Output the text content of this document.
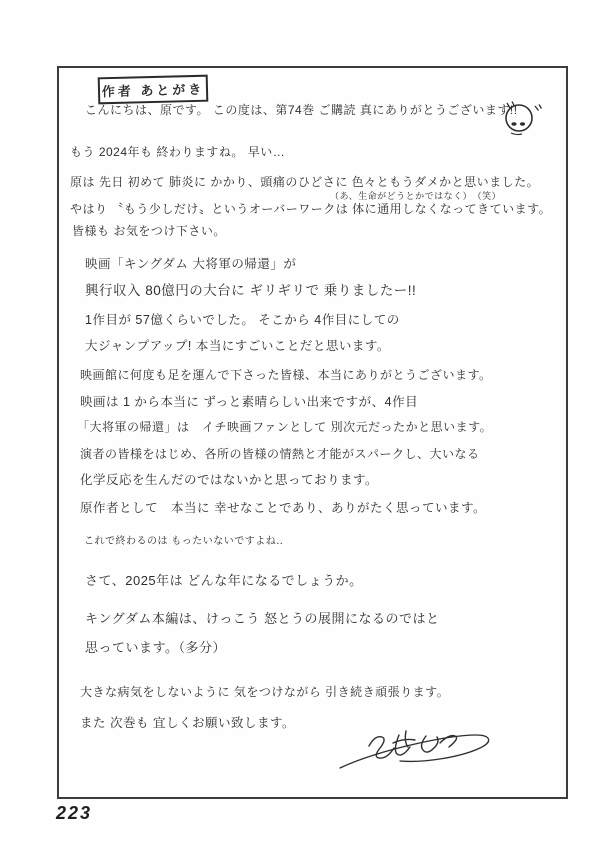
作者 あとがき
こんにちは、原です。 この度は、第74巻 ご購読 真にありがとうございます!!
もう 2024年も 終わりますね。 早い…
原は 先日 初めて 肺炎に かかり、頭痛のひどさに 色々ともうダメかと思いました。
（あ、生命がどうとかではなく）　（笑）
やはり 〝もう少しだけ〟というオーバーワークは 体に通用しなくなってきています。
皆様も お気をつけ下さい。
映画「キングダム 大将軍の帰還」が
興行収入 80億円の大台に ギリギリで 乗りましたー!!
1作目が 57億くらいでした。 そこから 4作目にしての
大ジャンプアップ! 本当にすごいことだと思います。
映画館に何度も足を運んで下さった皆様、本当にありがとうございます。
映画は 1 から本当に ずっと素晴らしい出来ですが、4作目
「大将軍の帰還」は　イチ映画ファンとして 別次元だったかと思います。
演者の皆様をはじめ、各所の皆様の情熱と才能がスパークし、大いなる
化学反応を生んだのではないかと思っております。
原作者として　本当に 幸せなことであり、ありがたく思っています。
これで終わるのは もったいないですよね‥
さて、2025年は どんな年になるでしょうか。
キングダム本編は、けっこう 怒とうの展開になるのではと
思っています。（多分）
大きな病気をしないように 気をつけながら 引き続き頑張ります。
また 次巻も 宜しくお願い致します。
223
